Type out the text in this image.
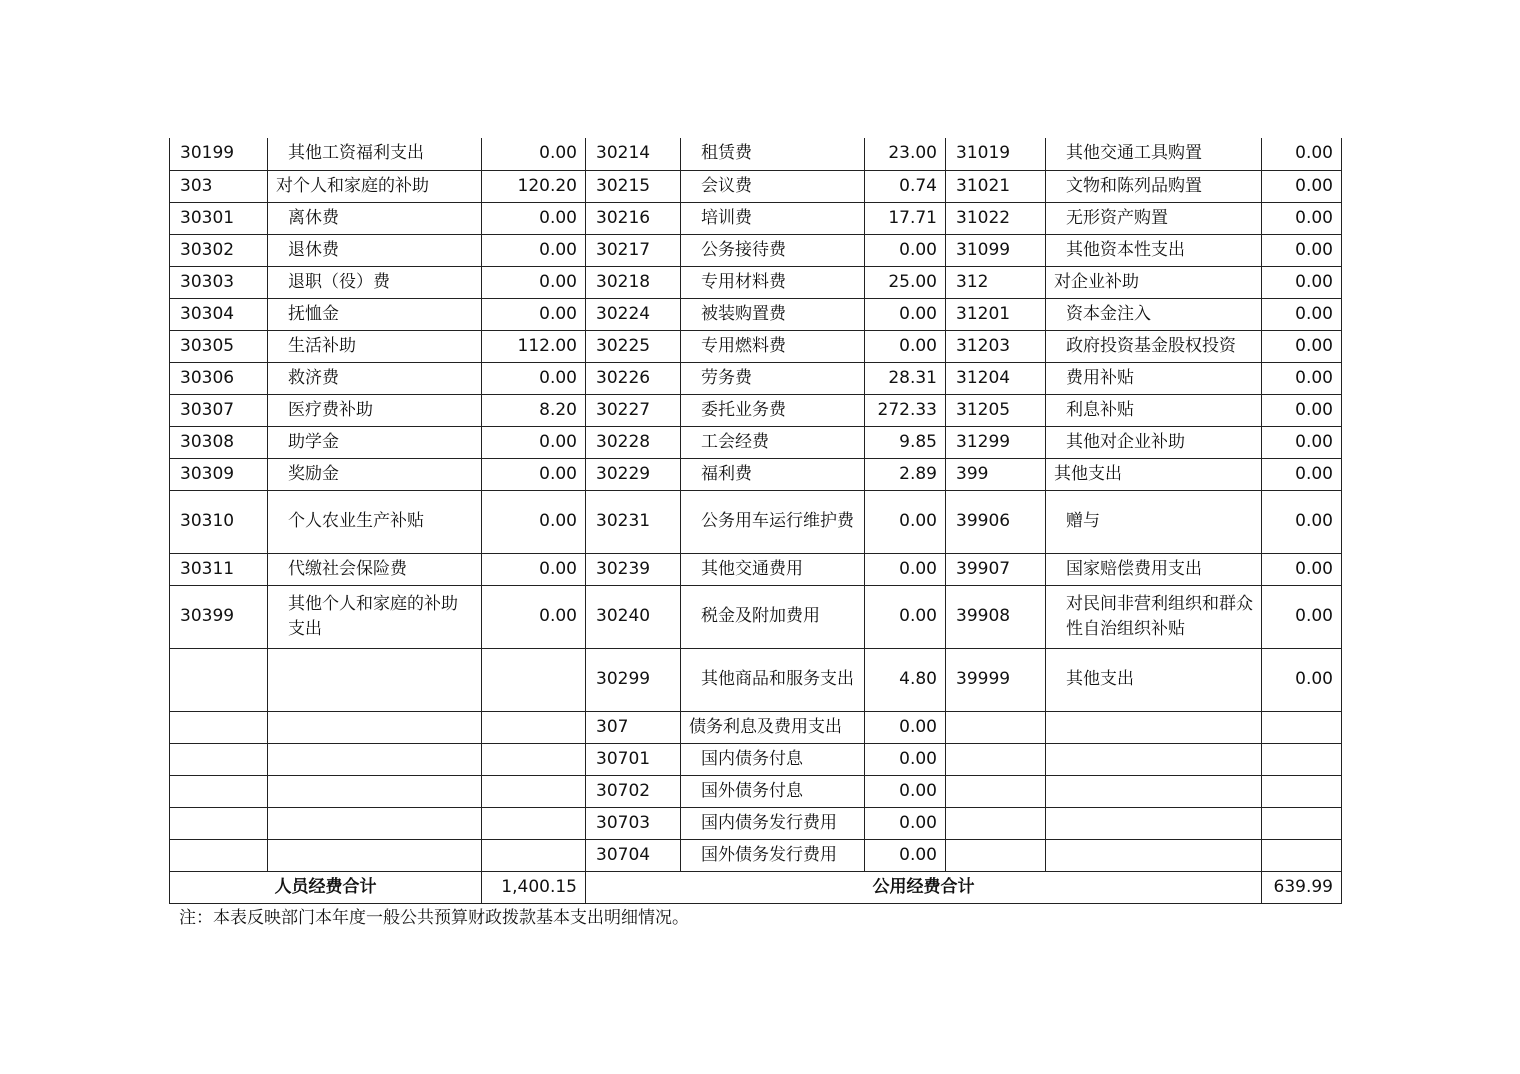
30199	其他工资福利支出	0.00	30214	租赁费	23.00	31019	其他交通工具购置	0.00
303	对个人和家庭的补助	120.20	30215	会议费	0.74	31021	文物和陈列品购置	0.00
30301	离休费	0.00	30216	培训费	17.71	31022	无形资产购置	0.00
30302	退休费	0.00	30217	公务接待费	0.00	31099	其他资本性支出	0.00
30303	退职（役）费	0.00	30218	专用材料费	25.00	312	对企业补助	0.00
30304	抚恤金	0.00	30224	被装购置费	0.00	31201	资本金注入	0.00
30305	生活补助	112.00	30225	专用燃料费	0.00	31203	政府投资基金股权投资	0.00
30306	救济费	0.00	30226	劳务费	28.31	31204	费用补贴	0.00
30307	医疗费补助	8.20	30227	委托业务费	272.33	31205	利息补贴	0.00
30308	助学金	0.00	30228	工会经费	9.85	31299	其他对企业补助	0.00
30309	奖励金	0.00	30229	福利费	2.89	399	其他支出	0.00
30310	个人农业生产补贴	0.00	30231	公务用车运行维护费	0.00	39906	赠与	0.00
30311	代缴社会保险费	0.00	30239	其他交通费用	0.00	39907	国家赔偿费用支出	0.00
30399	其他个人和家庭的补助支出	0.00	30240	税金及附加费用	0.00	39908	对民间非营利组织和群众性自治组织补贴	0.00
			30299	其他商品和服务支出	4.80	39999	其他支出	0.00
			307	债务利息及费用支出	0.00			
			30701	国内债务付息	0.00			
			30702	国外债务付息	0.00			
			30703	国内债务发行费用	0.00			
			30704	国外债务发行费用	0.00			
人员经费合计		1,400.15	公用经费合计					639.99
注：本表反映部门本年度一般公共预算财政拨款基本支出明细情况。
